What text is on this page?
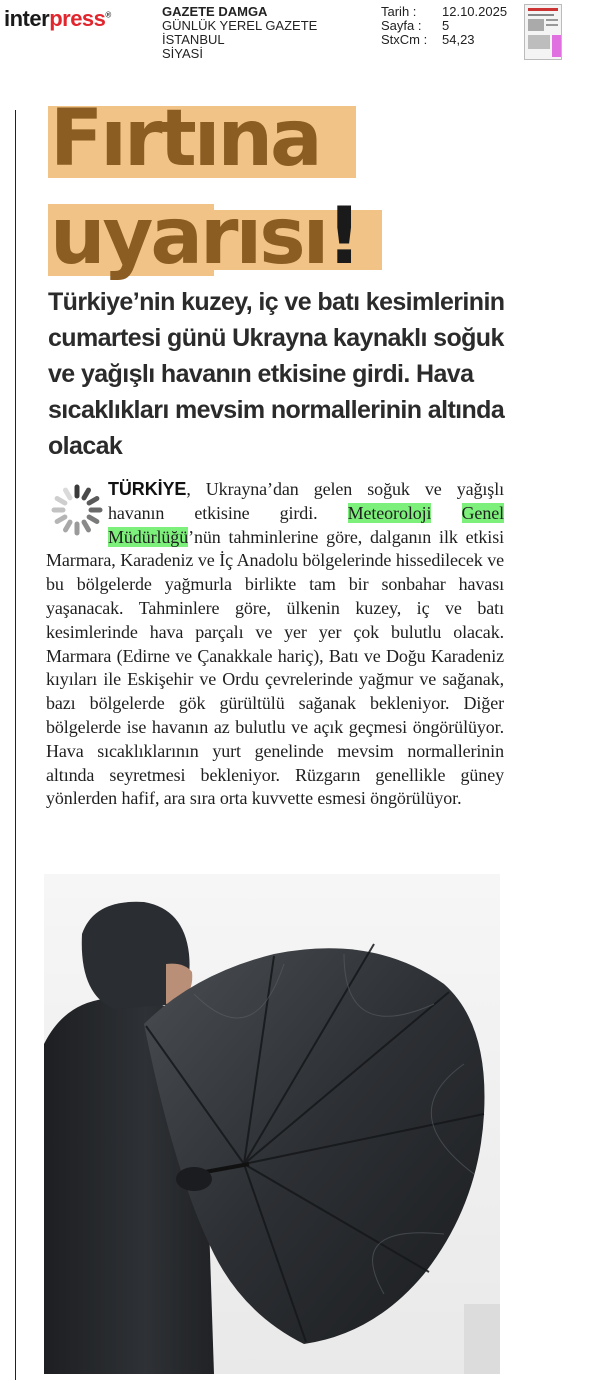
interpress®	GAZETE DAMGA
GÜNLÜK YEREL GAZETE
İSTANBUL
SİYASİ
Tarih :	12.10.2025
Sayfa :	5
StxCm :	54,23
Fırtına
uyarısı!

Türkiye’nin kuzey, iç ve batı kesimlerinin cumartesi günü Ukrayna kaynaklı soğuk ve yağışlı havanın etkisine girdi. Hava sıcaklıkları mevsim normallerinin altında olacak

TÜRKİYE, Ukrayna’dan gelen soğuk ve yağışlı havanın etkisine girdi. Meteoroloji Genel Müdürlüğü’nün tahminlerine göre, dalganın ilk etkisi Marmara, Karadeniz ve İç Anadolu bölgelerinde hissedilecek ve bu bölgelerde yağmurla birlikte tam bir sonbahar havası yaşanacak. Tahminlere göre, ülkenin kuzey, iç ve batı kesimlerinde hava parçalı ve yer yer çok bulutlu olacak. Marmara (Edirne ve Çanakkale hariç), Batı ve Doğu Karadeniz kıyıları ile Eskişehir ve Ordu çevrelerinde yağmur ve sağanak, bazı bölgelerde gök gürültülü sağanak bekleniyor. Diğer bölgelerde ise havanın az bulutlu ve açık geçmesi öngörülüyor. Hava sıcaklıklarının yurt genelinde mevsim normallerinin altında seyretmesi bekleniyor. Rüzgarın genellikle güney yönlerden hafif, ara sıra orta kuvvette esmesi öngörülüyor.
